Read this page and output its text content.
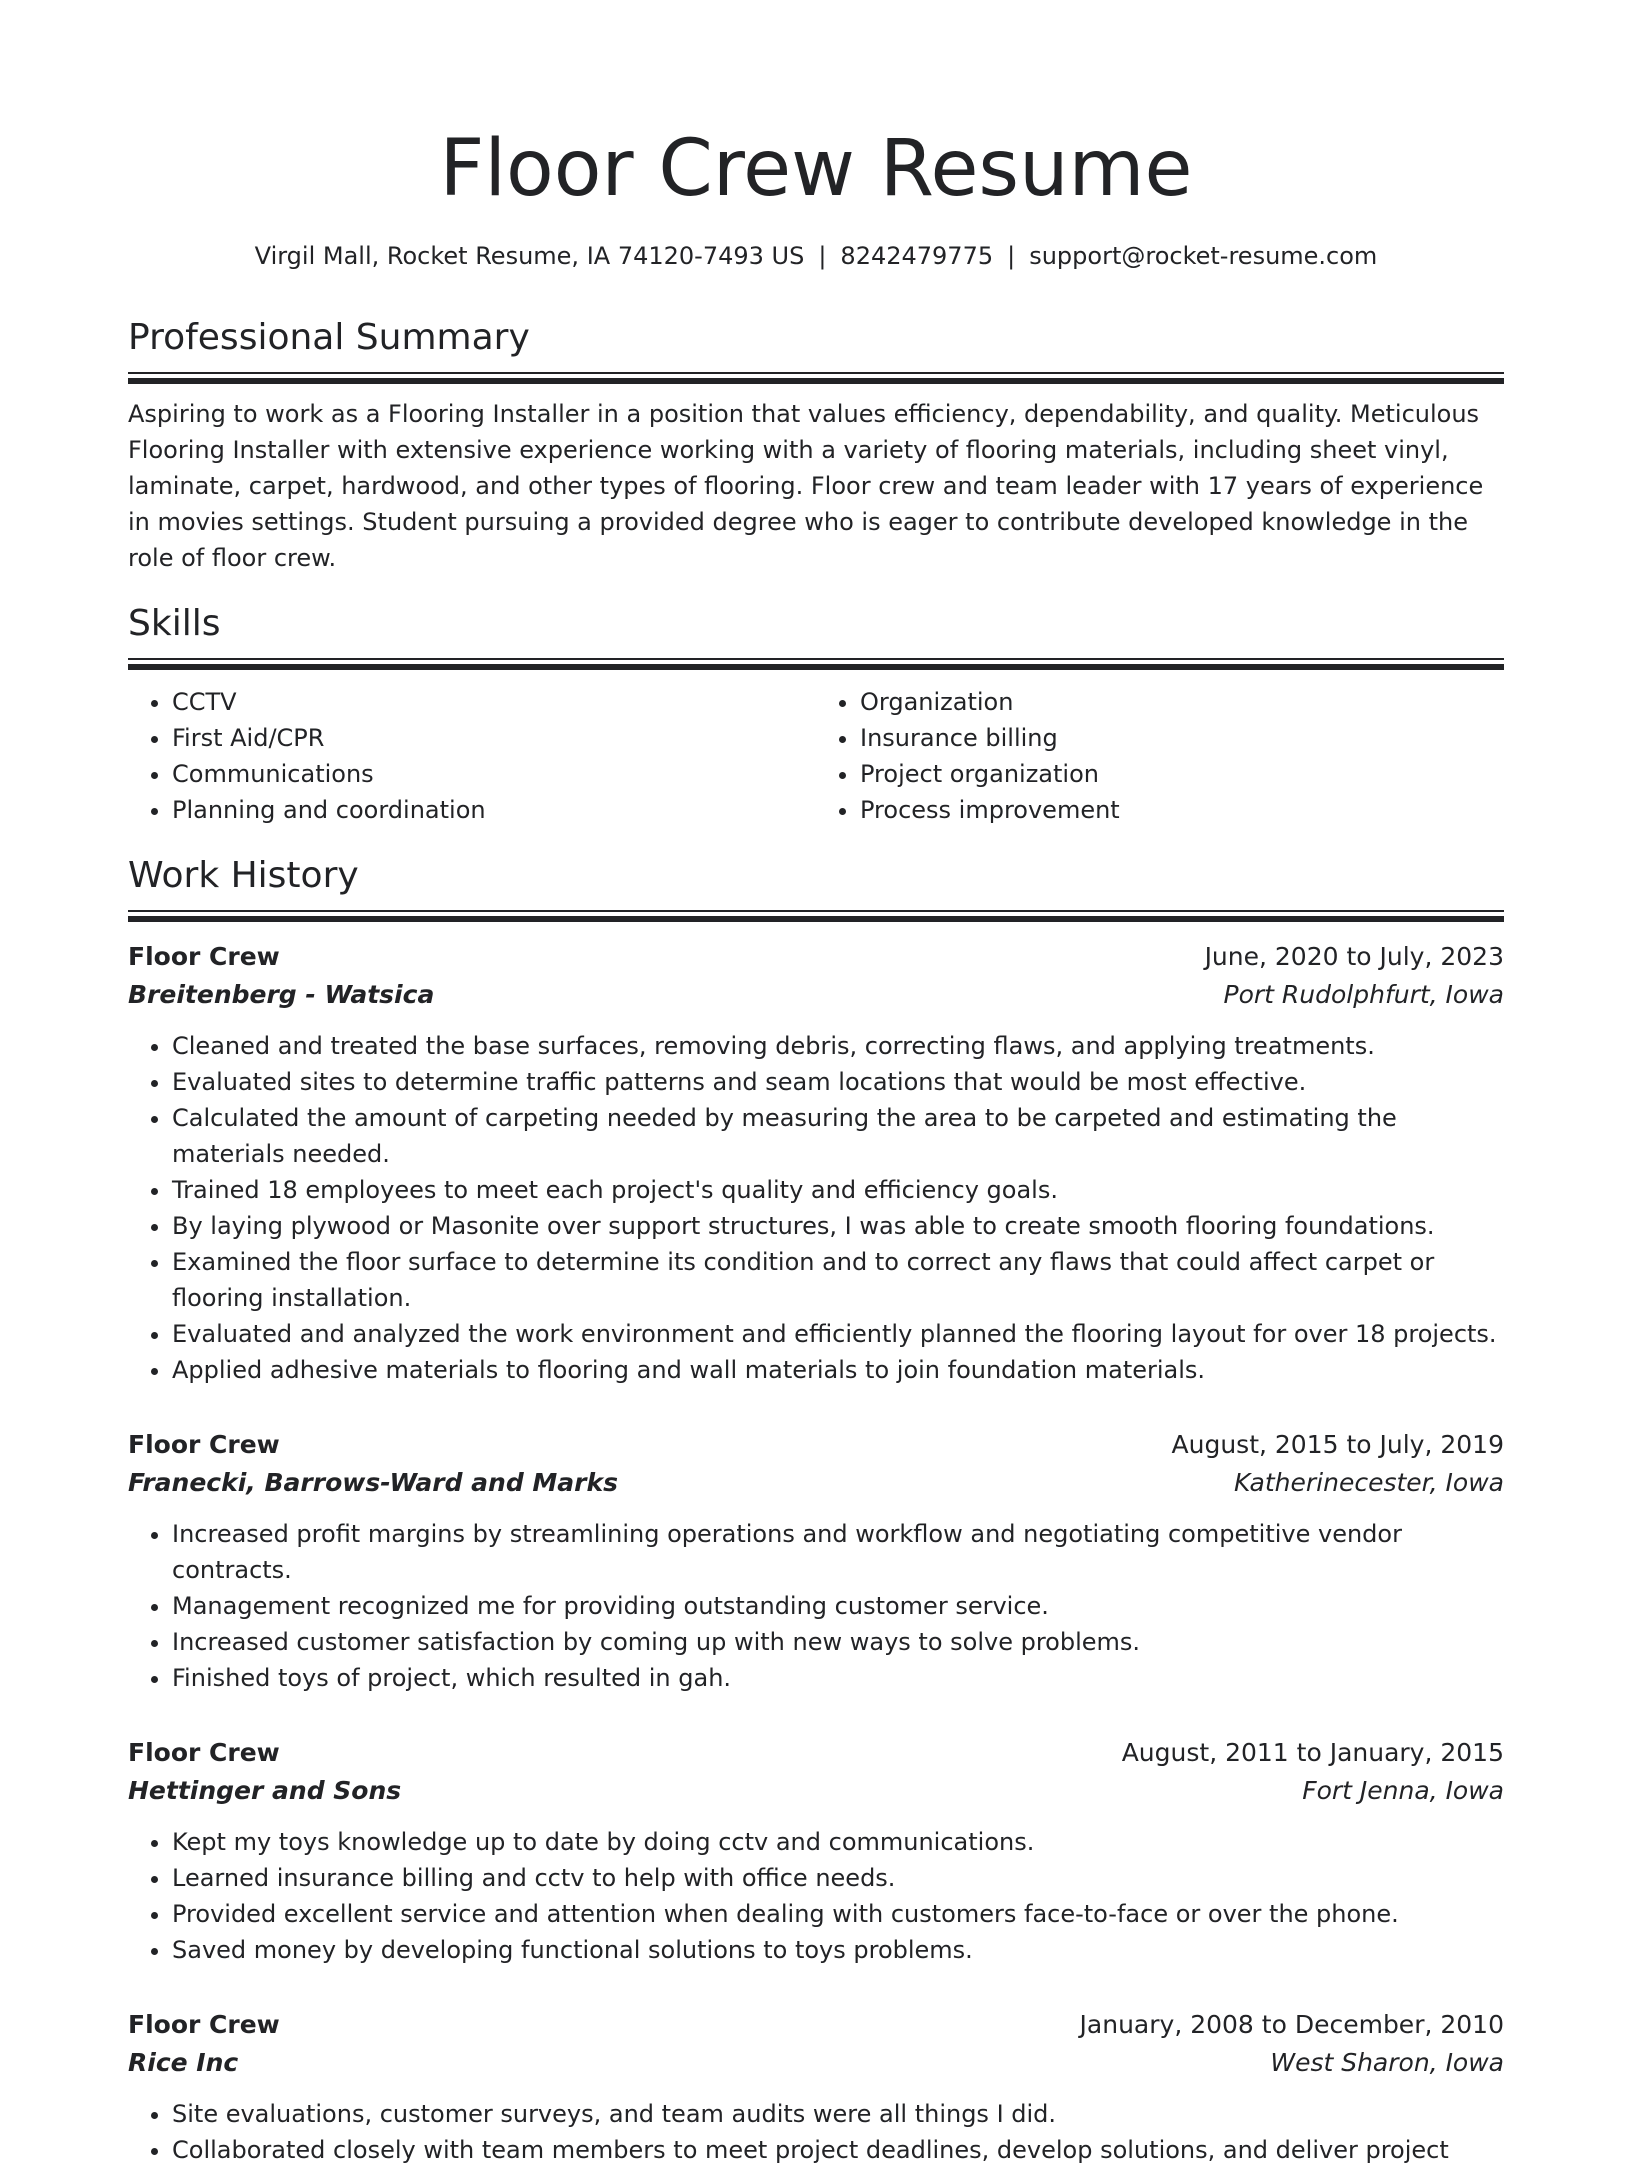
Floor Crew Resume
Virgil Mall, Rocket Resume, IA 74120-7493 US | 8242479775 | support@rocket-resume.com
Professional Summary

Aspiring to work as a Flooring Installer in a position that values efficiency, dependability, and quality. Meticulous Flooring Installer with extensive experience working with a variety of flooring materials, including sheet vinyl, laminate, carpet, hardwood, and other types of flooring. Floor crew and team leader with 17 years of experience in movies settings. Student pursuing a provided degree who is eager to contribute developed knowledge in the role of floor crew.

Skills
• CCTV
• First Aid/CPR
• Communications
• Planning and coordination
• Organization
• Insurance billing
• Project organization
• Process improvement
Work History
Floor Crew	June, 2020 to July, 2023
Breitenberg - Watsica	Port Rudolphfurt, Iowa
• Cleaned and treated the base surfaces, removing debris, correcting flaws, and applying treatments.
• Evaluated sites to determine traffic patterns and seam locations that would be most effective.
• Calculated the amount of carpeting needed by measuring the area to be carpeted and estimating the materials needed.
• Trained 18 employees to meet each project's quality and efficiency goals.
• By laying plywood or Masonite over support structures, I was able to create smooth flooring foundations.
• Examined the floor surface to determine its condition and to correct any flaws that could affect carpet or flooring installation.
• Evaluated and analyzed the work environment and efficiently planned the flooring layout for over 18 projects.
• Applied adhesive materials to flooring and wall materials to join foundation materials.
Floor Crew	August, 2015 to July, 2019
Franecki, Barrows-Ward and Marks	Katherinecester, Iowa
• Increased profit margins by streamlining operations and workflow and negotiating competitive vendor contracts.
• Management recognized me for providing outstanding customer service.
• Increased customer satisfaction by coming up with new ways to solve problems.
• Finished toys of project, which resulted in gah.
Floor Crew	August, 2011 to January, 2015
Hettinger and Sons	Fort Jenna, Iowa
• Kept my toys knowledge up to date by doing cctv and communications.
• Learned insurance billing and cctv to help with office needs.
• Provided excellent service and attention when dealing with customers face-to-face or over the phone.
• Saved money by developing functional solutions to toys problems.
Floor Crew	January, 2008 to December, 2010
Rice Inc	West Sharon, Iowa
• Site evaluations, customer surveys, and team audits were all things I did.
• Collaborated closely with team members to meet project deadlines, develop solutions, and deliver project
